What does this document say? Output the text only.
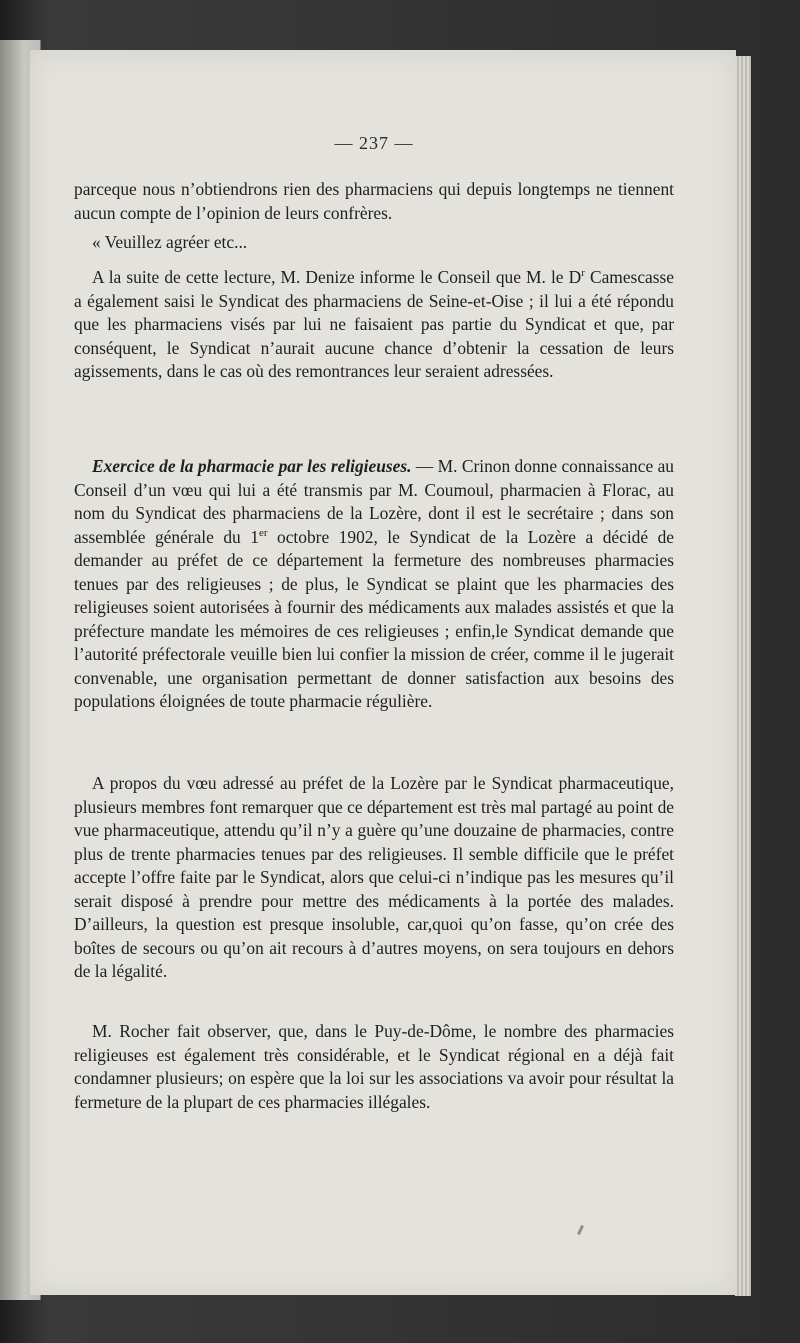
— 237 —

parceque nous n’obtiendrons rien des pharmaciens qui depuis longtemps ne tiennent aucun compte de l’opinion de leurs confrères.

« Veuillez agréer etc...

A la suite de cette lecture, M. Denize informe le Conseil que M. le $D^r$ Camescasse a également saisi le Syndicat des pharmaciens de Seine-et-Oise ; il lui a été répondu que les pharmaciens visés par lui ne faisaient pas partie du Syndicat et que, par conséquent, le Syndicat n’aurait aucune chance d’obtenir la cessation de leurs agissements, dans le cas où des remontrances leur seraient adressées.

Exercice de la pharmacie par les religieuses. — M. Crinon donne connaissance au Conseil d’un vœu qui lui a été transmis par M. Coumoul, pharmacien à Florac, au nom du Syndicat des pharmaciens de la Lozère, dont il est le secrétaire ; dans son assemblée générale du 1er octobre 1902, le Syndicat de la Lozère a décidé de demander au préfet de ce département la fermeture des nombreuses pharmacies tenues par des religieuses ; de plus, le Syndicat se plaint que les pharmacies des religieuses soient autorisées à fournir des médicaments aux malades assistés et que la préfecture mandate les mémoires de ces religieuses ; enfin,le Syndicat demande que l’autorité préfectorale veuille bien lui confier la mission de créer, comme il le jugerait convenable, une organisation permettant de donner satisfaction aux besoins des populations éloignées de toute pharmacie régulière.

A propos du vœu adressé au préfet de la Lozère par le Syndicat pharmaceutique, plusieurs membres font remarquer que ce département est très mal partagé au point de vue pharmaceutique, attendu qu’il n’y a guère qu’une douzaine de pharmacies, contre plus de trente pharmacies tenues par des religieuses. Il semble difficile que le préfet accepte l’offre faite par le Syndicat, alors que celui-ci n’indique pas les mesures qu’il serait disposé à prendre pour mettre des médicaments à la portée des malades. D’ailleurs, la question est presque insoluble, car,quoi qu’on fasse, qu’on crée des boîtes de secours ou qu’on ait recours à d’autres moyens, on sera toujours en dehors de la légalité.

M. Rocher fait observer, que, dans le Puy-de-Dôme, le nombre des pharmacies religieuses est également très considérable, et le Syndicat régional en a déjà fait condamner plusieurs; on espère que la loi sur les associations va avoir pour résultat la fermeture de la plupart de ces pharmacies illégales.
